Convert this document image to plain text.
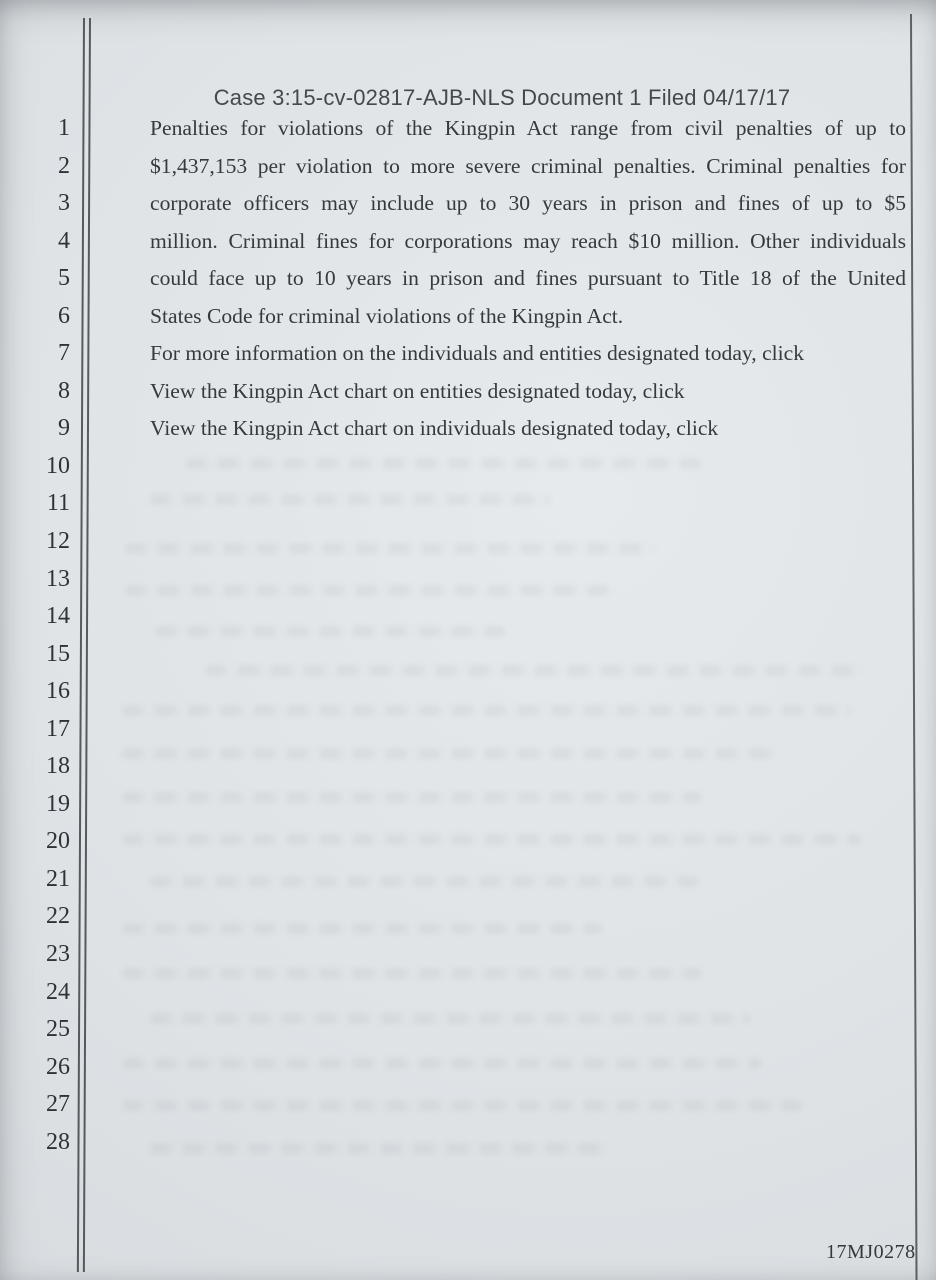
Case 3:15-cv-02817-AJB-NLS Document 1 Filed 04/17/17
1
2
3
4
5
6
7
8
9
10
11
12
13
14
15
16
17
18
19
20
21
22
23
24
25
26
27
28
Penalties for violations of the Kingpin Act range from civil penalties of up to
$1,437,153 per violation to more severe criminal penalties. Criminal penalties for
corporate officers may include up to 30 years in prison and fines of up to $5
million. Criminal fines for corporations may reach $10 million. Other individuals
could face up to 10 years in prison and fines pursuant to Title 18 of the United
States Code for criminal violations of the Kingpin Act.
For more information on the individuals and entities designated today, click
View the Kingpin Act chart on entities designated today, click
View the Kingpin Act chart on individuals designated today, click
17MJ0278
